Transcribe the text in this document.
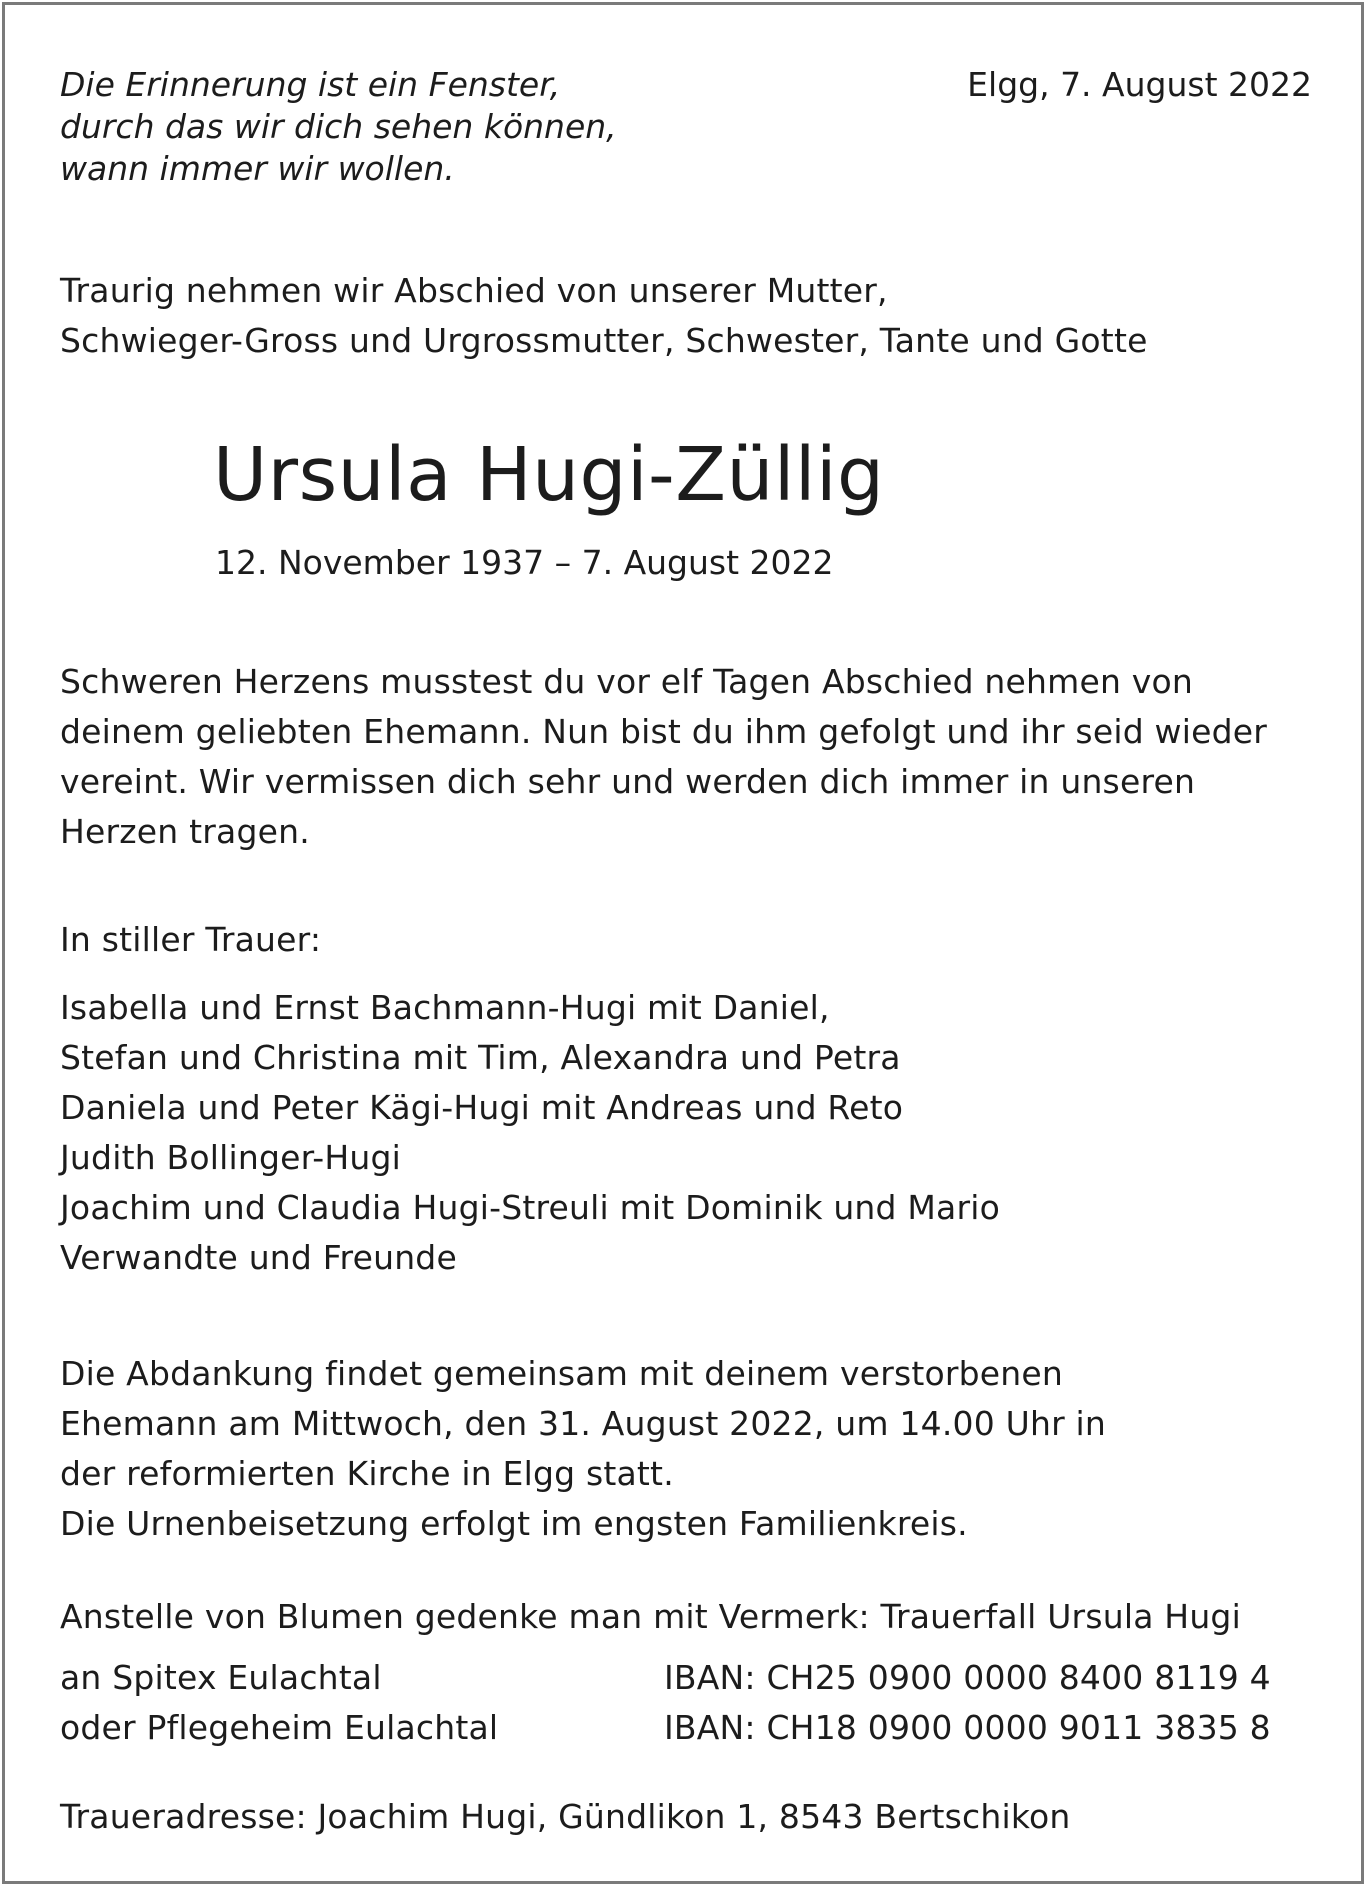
Die Erinnerung ist ein Fenster,
durch das wir dich sehen können,
wann immer wir wollen.
Elgg, 7. August 2022
Traurig nehmen wir Abschied von unserer Mutter,
Schwieger-Gross und Urgrossmutter, Schwester, Tante und Gotte
Ursula Hugi-Züllig
12. November 1937 – 7. August 2022
Schweren Herzens musstest du vor elf Tagen Abschied nehmen von
deinem geliebten Ehemann. Nun bist du ihm gefolgt und ihr seid wieder
vereint. Wir vermissen dich sehr und werden dich immer in unseren
Herzen tragen.
In stiller Trauer:
Isabella und Ernst Bachmann-Hugi mit Daniel,
Stefan und Christina mit Tim, Alexandra und Petra
Daniela und Peter Kägi-Hugi mit Andreas und Reto
Judith Bollinger-Hugi
Joachim und Claudia Hugi-Streuli mit Dominik und Mario
Verwandte und Freunde
Die Abdankung findet gemeinsam mit deinem verstorbenen
Ehemann am Mittwoch, den 31. August 2022, um 14.00 Uhr in
der reformierten Kirche in Elgg statt.
Die Urnenbeisetzung erfolgt im engsten Familienkreis.
Anstelle von Blumen gedenke man mit Vermerk: Trauerfall Ursula Hugi
an Spitex Eulachtal	IBAN: CH25 0900 0000 8400 8119 4
oder Pflegeheim Eulachtal	IBAN: CH18 0900 0000 9011 3835 8
Traueradresse: Joachim Hugi, Gündlikon 1, 8543 Bertschikon
